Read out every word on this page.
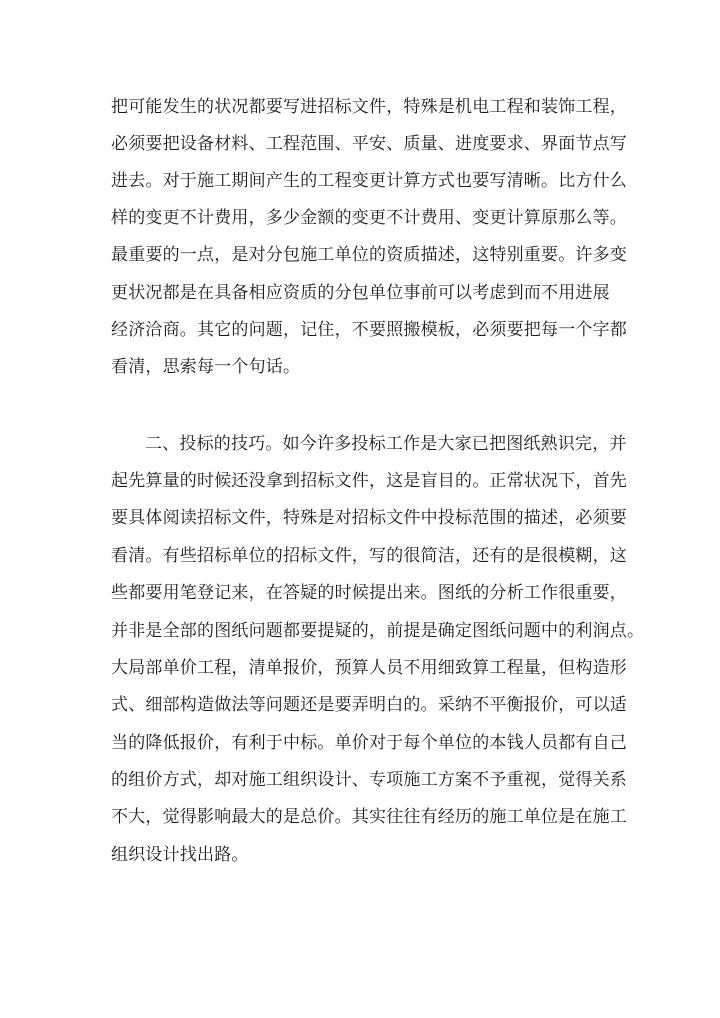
把可能发生的状况都要写进招标文件，特殊是机电工程和装饰工程，
必须要把设备材料、工程范围、平安、质量、进度要求、界面节点写
进去。对于施工期间产生的工程变更计算方式也要写清晰。比方什么
样的变更不计费用，多少金额的变更不计费用、变更计算原那么等。
最重要的一点，是对分包施工单位的资质描述，这特别重要。许多变
更状况都是在具备相应资质的分包单位事前可以考虑到而不用进展
经济洽商。其它的问题，记住，不要照搬模板，必须要把每一个字都
看清，思索每一个句话。
二、投标的技巧。如今许多投标工作是大家已把图纸熟识完，并
起先算量的时候还没拿到招标文件，这是盲目的。正常状况下，首先
要具体阅读招标文件，特殊是对招标文件中投标范围的描述，必须要
看清。有些招标单位的招标文件，写的很简洁，还有的是很模糊，这
些都要用笔登记来，在答疑的时候提出来。图纸的分析工作很重要，
并非是全部的图纸问题都要提疑的，前提是确定图纸问题中的利润点。
大局部单价工程，清单报价，预算人员不用细致算工程量，但构造形
式、细部构造做法等问题还是要弄明白的。采纳不平衡报价，可以适
当的降低报价，有利于中标。单价对于每个单位的本钱人员都有自己
的组价方式，却对施工组织设计、专项施工方案不予重视，觉得关系
不大，觉得影响最大的是总价。其实往往有经历的施工单位是在施工
组织设计找出路。
